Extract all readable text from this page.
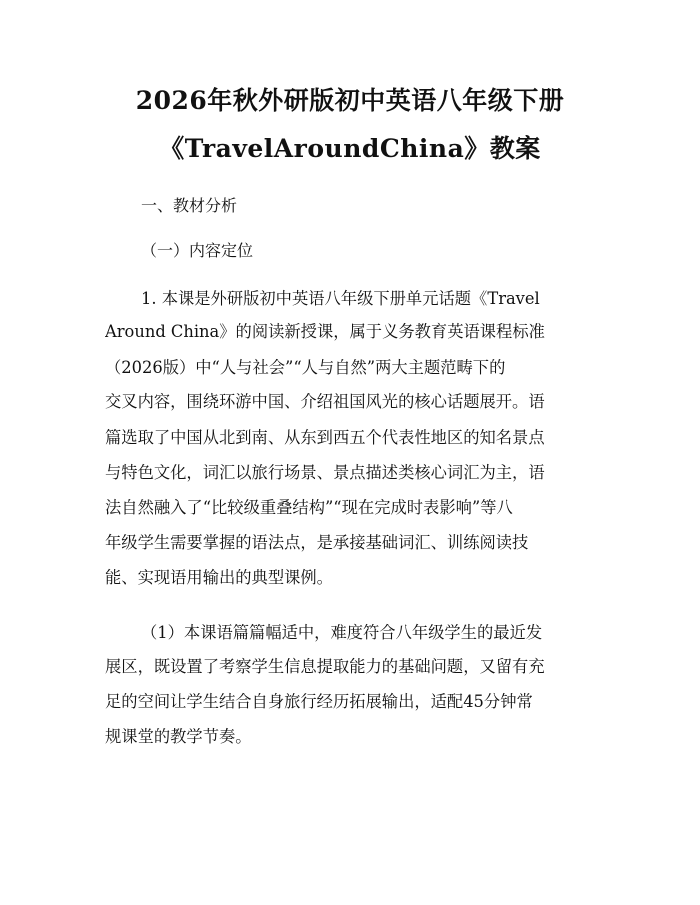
2026年秋外研版初中英语八年级下册
《TravelAroundChina》教案
一、教材分析
（一）内容定位
1. 本课是外研版初中英语八年级下册单元话题《Travel
Around China》的阅读新授课，属于义务教育英语课程标准
（2026版）中“人与社会”“人与自然”两大主题范畴下的
交叉内容，围绕环游中国、介绍祖国风光的核心话题展开。语
篇选取了中国从北到南、从东到西五个代表性地区的知名景点
与特色文化，词汇以旅行场景、景点描述类核心词汇为主，语
法自然融入了“比较级重叠结构”“现在完成时表影响”等八
年级学生需要掌握的语法点，是承接基础词汇、训练阅读技
能、实现语用输出的典型课例。
（1）本课语篇篇幅适中，难度符合八年级学生的最近发
展区，既设置了考察学生信息提取能力的基础问题，又留有充
足的空间让学生结合自身旅行经历拓展输出，适配45分钟常
规课堂的教学节奏。
